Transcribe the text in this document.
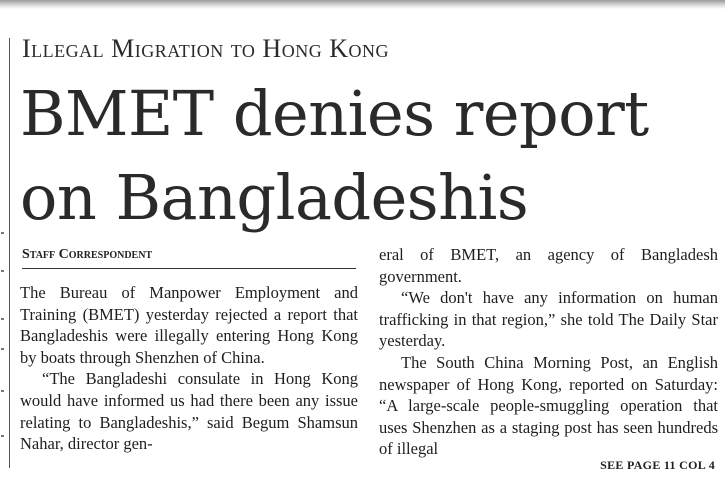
Illegal Migration to Hong Kong
BMET denies report
on Bangladeshis
Staff Correspondent

The Bureau of Manpower Employment and Training (BMET) yesterday rejected a report that Bangladeshis were illegally entering Hong Kong by boats through Shenzhen of China.

“The Bangladeshi consulate in Hong Kong would have informed us had there been any issue relating to Bangladeshis,” said Begum Shamsun Nahar, director gen-

eral of BMET, an agency of Bangladesh government.

“We don't have any information on human trafficking in that region,” she told The Daily Star yesterday.

The South China Morning Post, an English newspaper of Hong Kong, reported on Saturday: “A large-scale people-smuggling operation that uses Shenzhen as a staging post has seen hundreds of illegal

SEE PAGE 11 COL 4
